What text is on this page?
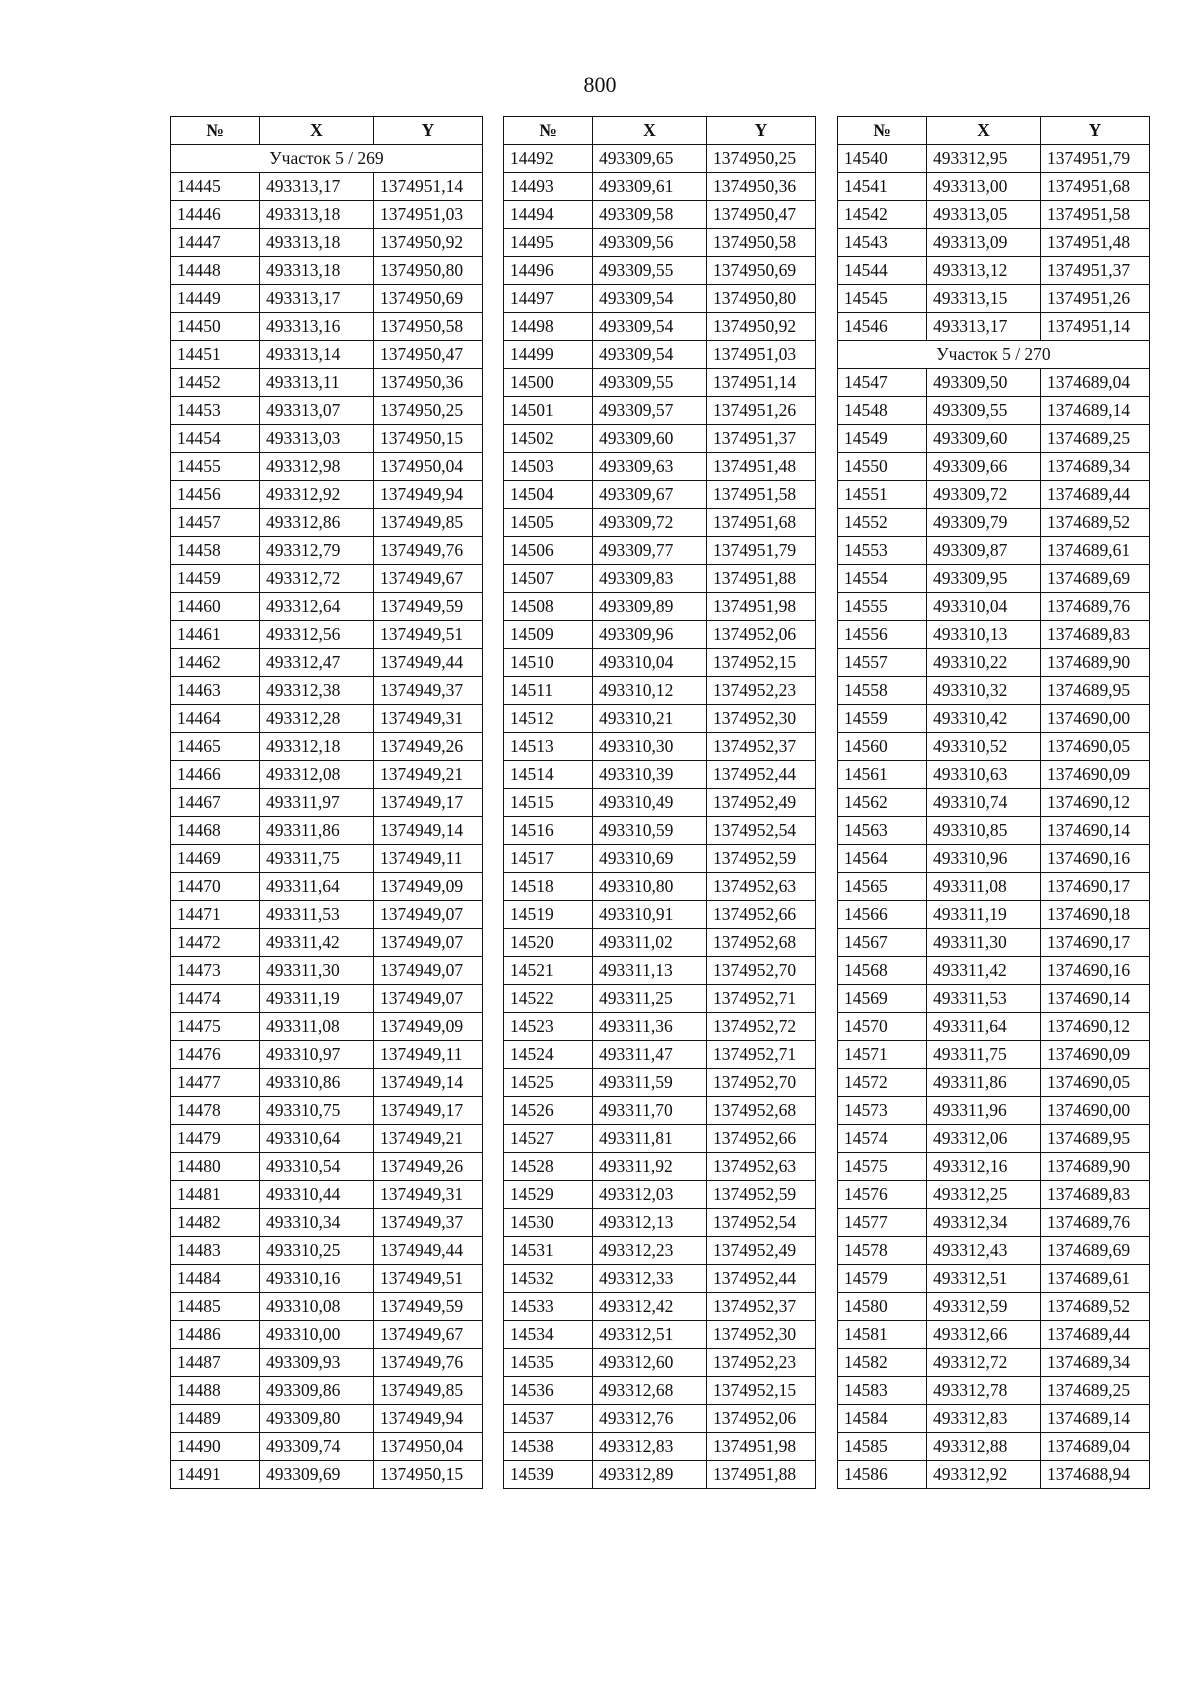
800
№	X	Y
Участок 5 / 269		
14445	493313,17	1374951,14
14446	493313,18	1374951,03
14447	493313,18	1374950,92
14448	493313,18	1374950,80
14449	493313,17	1374950,69
14450	493313,16	1374950,58
14451	493313,14	1374950,47
14452	493313,11	1374950,36
14453	493313,07	1374950,25
14454	493313,03	1374950,15
14455	493312,98	1374950,04
14456	493312,92	1374949,94
14457	493312,86	1374949,85
14458	493312,79	1374949,76
14459	493312,72	1374949,67
14460	493312,64	1374949,59
14461	493312,56	1374949,51
14462	493312,47	1374949,44
14463	493312,38	1374949,37
14464	493312,28	1374949,31
14465	493312,18	1374949,26
14466	493312,08	1374949,21
14467	493311,97	1374949,17
14468	493311,86	1374949,14
14469	493311,75	1374949,11
14470	493311,64	1374949,09
14471	493311,53	1374949,07
14472	493311,42	1374949,07
14473	493311,30	1374949,07
14474	493311,19	1374949,07
14475	493311,08	1374949,09
14476	493310,97	1374949,11
14477	493310,86	1374949,14
14478	493310,75	1374949,17
14479	493310,64	1374949,21
14480	493310,54	1374949,26
14481	493310,44	1374949,31
14482	493310,34	1374949,37
14483	493310,25	1374949,44
14484	493310,16	1374949,51
14485	493310,08	1374949,59
14486	493310,00	1374949,67
14487	493309,93	1374949,76
14488	493309,86	1374949,85
14489	493309,80	1374949,94
14490	493309,74	1374950,04
14491	493309,69	1374950,15
№	X	Y
14492	493309,65	1374950,25
14493	493309,61	1374950,36
14494	493309,58	1374950,47
14495	493309,56	1374950,58
14496	493309,55	1374950,69
14497	493309,54	1374950,80
14498	493309,54	1374950,92
14499	493309,54	1374951,03
14500	493309,55	1374951,14
14501	493309,57	1374951,26
14502	493309,60	1374951,37
14503	493309,63	1374951,48
14504	493309,67	1374951,58
14505	493309,72	1374951,68
14506	493309,77	1374951,79
14507	493309,83	1374951,88
14508	493309,89	1374951,98
14509	493309,96	1374952,06
14510	493310,04	1374952,15
14511	493310,12	1374952,23
14512	493310,21	1374952,30
14513	493310,30	1374952,37
14514	493310,39	1374952,44
14515	493310,49	1374952,49
14516	493310,59	1374952,54
14517	493310,69	1374952,59
14518	493310,80	1374952,63
14519	493310,91	1374952,66
14520	493311,02	1374952,68
14521	493311,13	1374952,70
14522	493311,25	1374952,71
14523	493311,36	1374952,72
14524	493311,47	1374952,71
14525	493311,59	1374952,70
14526	493311,70	1374952,68
14527	493311,81	1374952,66
14528	493311,92	1374952,63
14529	493312,03	1374952,59
14530	493312,13	1374952,54
14531	493312,23	1374952,49
14532	493312,33	1374952,44
14533	493312,42	1374952,37
14534	493312,51	1374952,30
14535	493312,60	1374952,23
14536	493312,68	1374952,15
14537	493312,76	1374952,06
14538	493312,83	1374951,98
14539	493312,89	1374951,88
№	X	Y
14540	493312,95	1374951,79
14541	493313,00	1374951,68
14542	493313,05	1374951,58
14543	493313,09	1374951,48
14544	493313,12	1374951,37
14545	493313,15	1374951,26
14546	493313,17	1374951,14
Участок 5 / 270		
14547	493309,50	1374689,04
14548	493309,55	1374689,14
14549	493309,60	1374689,25
14550	493309,66	1374689,34
14551	493309,72	1374689,44
14552	493309,79	1374689,52
14553	493309,87	1374689,61
14554	493309,95	1374689,69
14555	493310,04	1374689,76
14556	493310,13	1374689,83
14557	493310,22	1374689,90
14558	493310,32	1374689,95
14559	493310,42	1374690,00
14560	493310,52	1374690,05
14561	493310,63	1374690,09
14562	493310,74	1374690,12
14563	493310,85	1374690,14
14564	493310,96	1374690,16
14565	493311,08	1374690,17
14566	493311,19	1374690,18
14567	493311,30	1374690,17
14568	493311,42	1374690,16
14569	493311,53	1374690,14
14570	493311,64	1374690,12
14571	493311,75	1374690,09
14572	493311,86	1374690,05
14573	493311,96	1374690,00
14574	493312,06	1374689,95
14575	493312,16	1374689,90
14576	493312,25	1374689,83
14577	493312,34	1374689,76
14578	493312,43	1374689,69
14579	493312,51	1374689,61
14580	493312,59	1374689,52
14581	493312,66	1374689,44
14582	493312,72	1374689,34
14583	493312,78	1374689,25
14584	493312,83	1374689,14
14585	493312,88	1374689,04
14586	493312,92	1374688,94
